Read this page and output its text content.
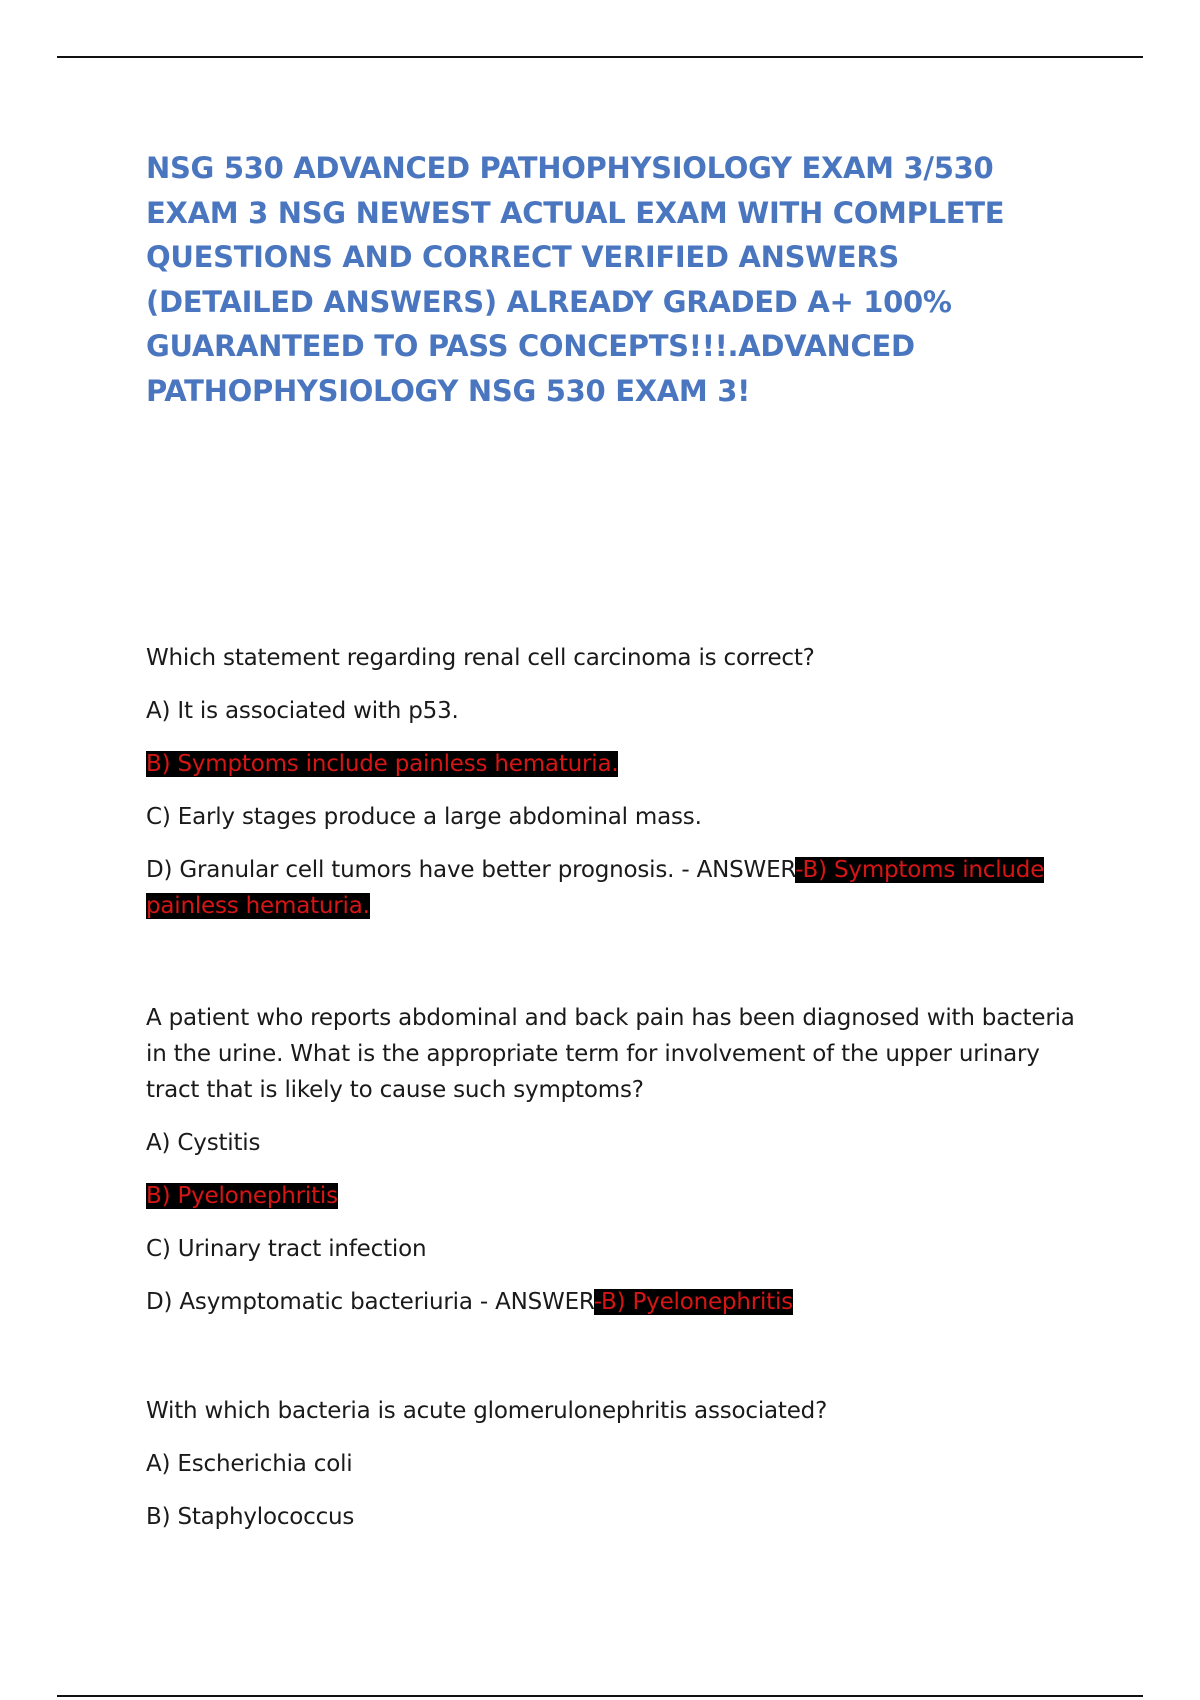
NSG 530 ADVANCED PATHOPHYSIOLOGY EXAM 3/530 EXAM 3 NSG NEWEST ACTUAL EXAM WITH COMPLETE QUESTIONS AND CORRECT VERIFIED ANSWERS (DETAILED ANSWERS) ALREADY GRADED A+ 100% GUARANTEED TO PASS CONCEPTS!!!.ADVANCED PATHOPHYSIOLOGY NSG 530 EXAM 3!

Which statement regarding renal cell carcinoma is correct?

A) It is associated with p53.

B) Symptoms include painless hematuria.

C) Early stages produce a large abdominal mass.

D) Granular cell tumors have better prognosis. - ANSWER-B) Symptoms include painless hematuria.

A patient who reports abdominal and back pain has been diagnosed with bacteria in the urine. What is the appropriate term for involvement of the upper urinary tract that is likely to cause such symptoms?

A) Cystitis

B) Pyelonephritis

C) Urinary tract infection

D) Asymptomatic bacteriuria - ANSWER-B) Pyelonephritis

With which bacteria is acute glomerulonephritis associated?

A) Escherichia coli

B) Staphylococcus
